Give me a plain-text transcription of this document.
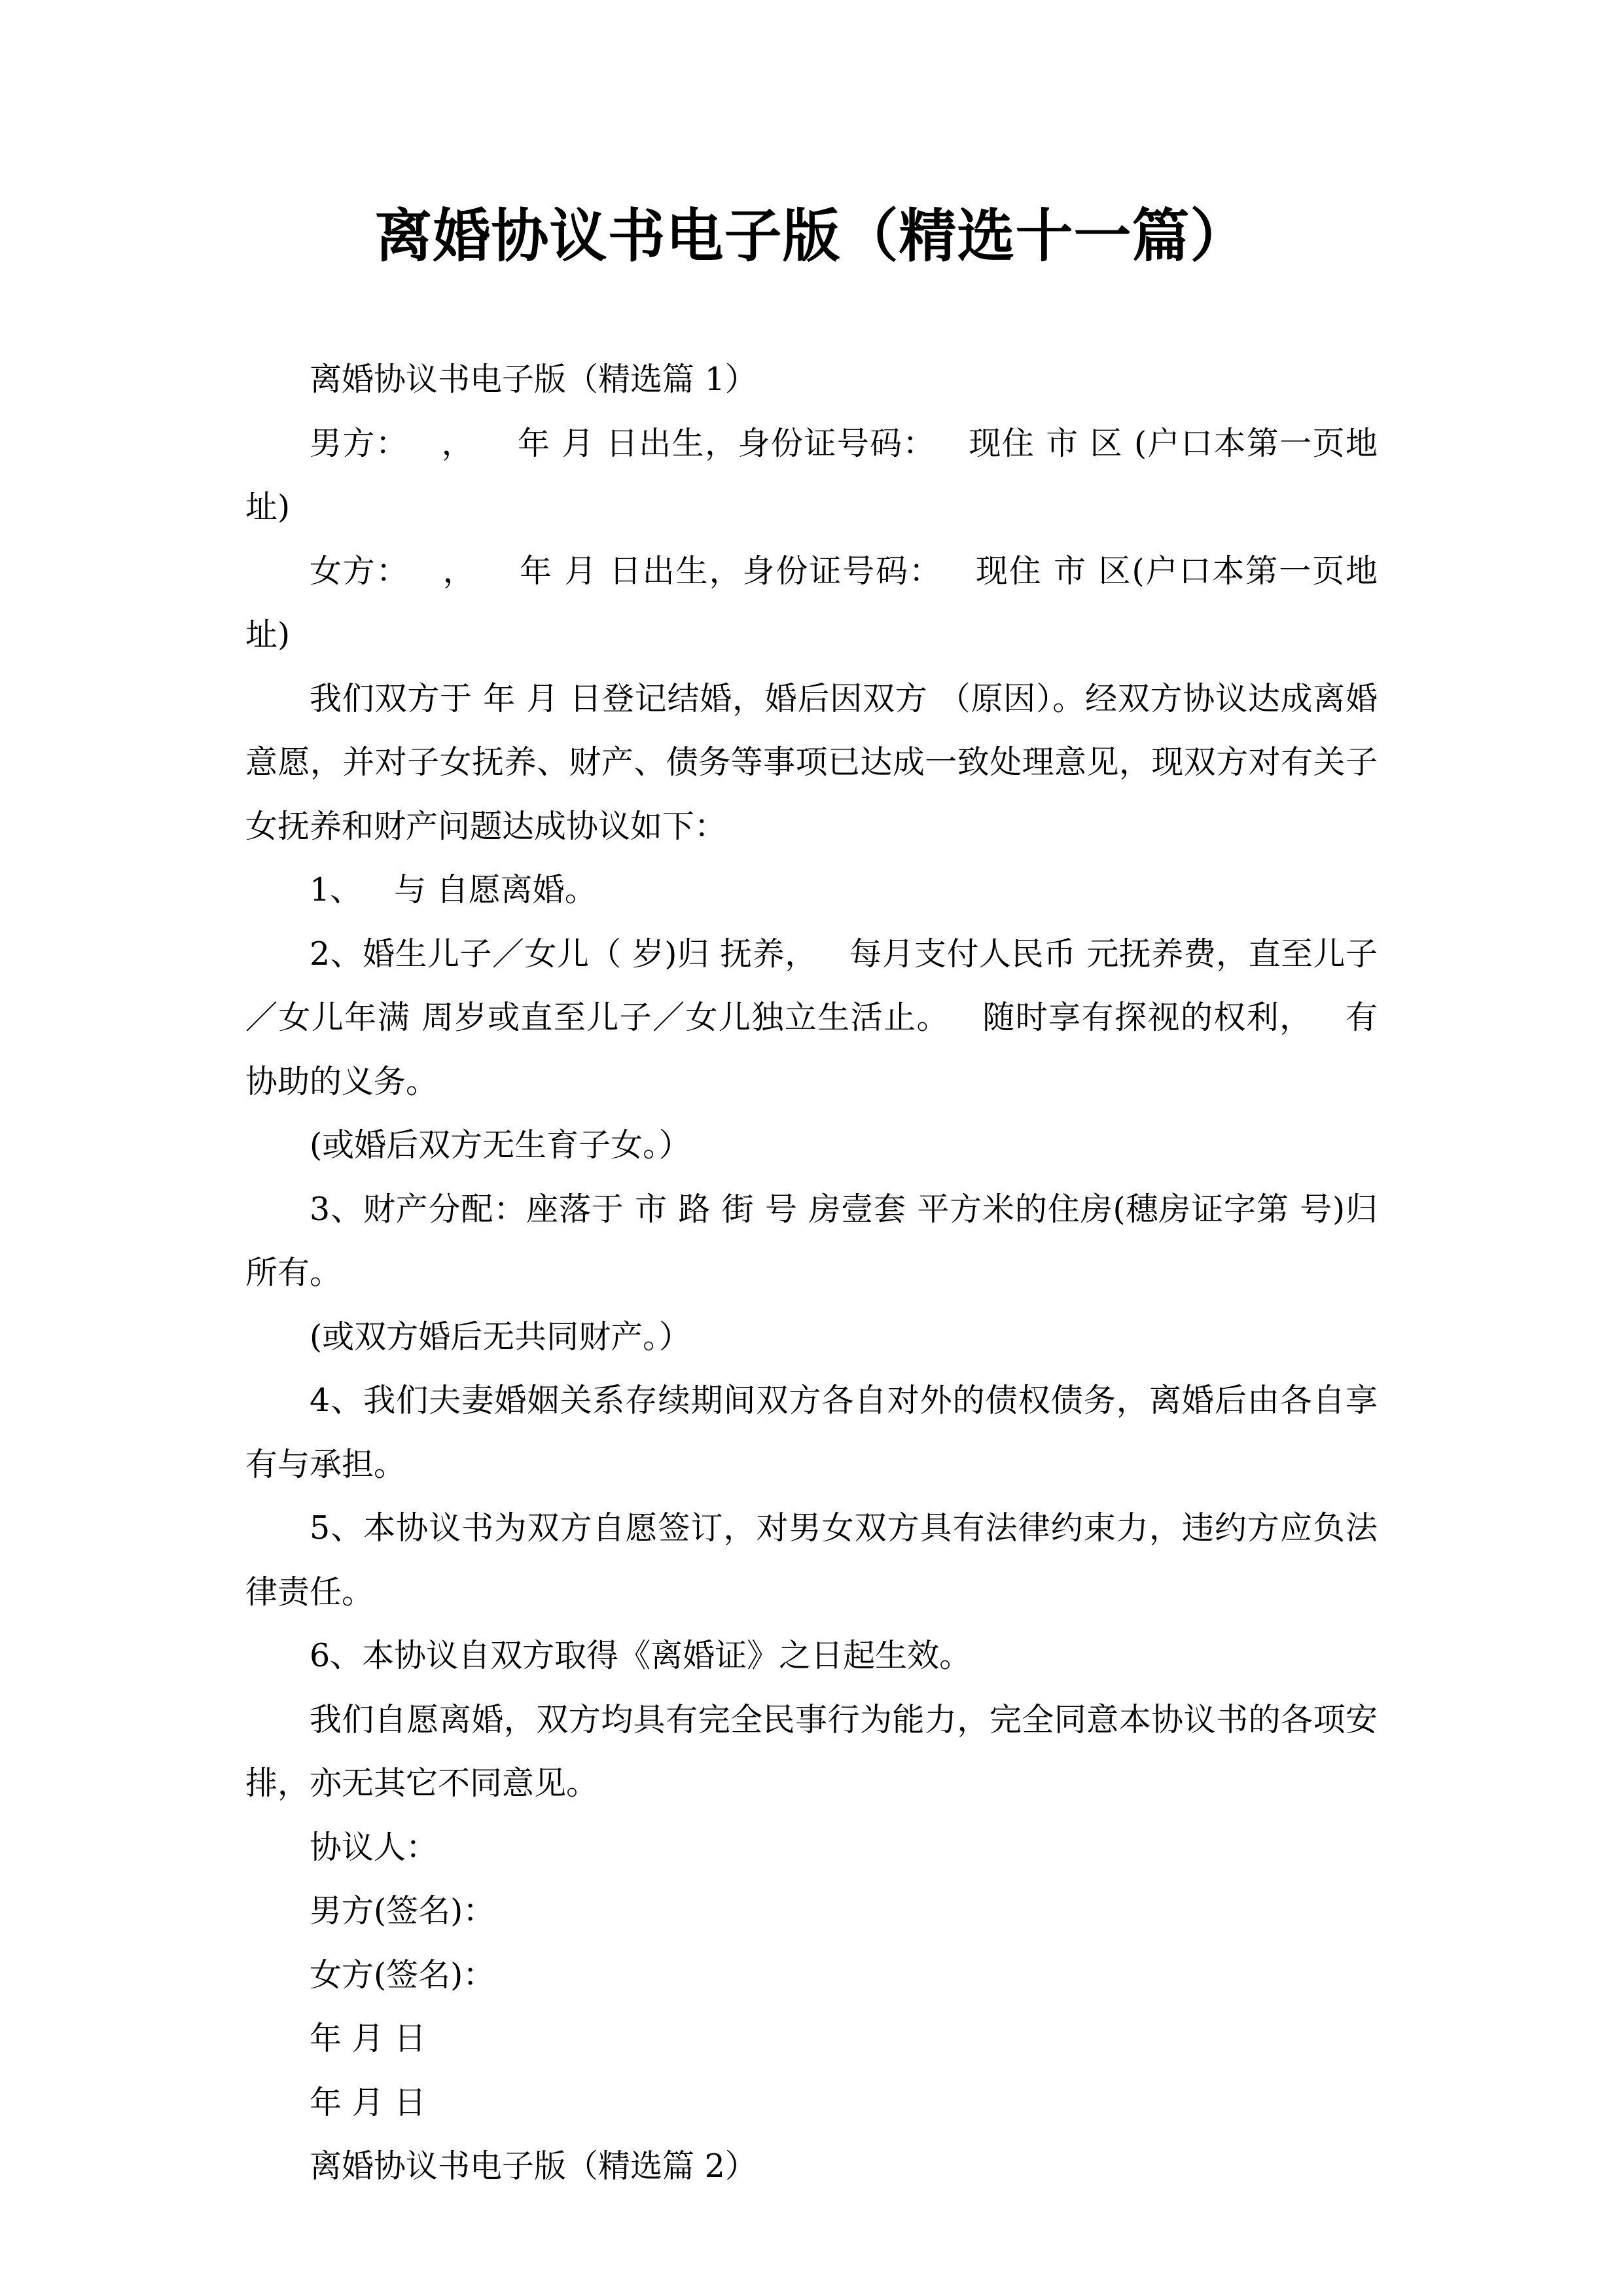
离婚协议书电子版（精选十一篇）

离婚协议书电子版（精选篇 1）

男方： ，  年 月 日出生，身份证号码： 现住 市 区 (户口本第一页地址)

女方： ，  年 月 日出生，身份证号码： 现住 市 区(户口本第一页地址)

我们双方于 年 月 日登记结婚，婚后因双方 （原因）。经双方协议达成离婚意愿，并对子女抚养、财产、债务等事项已达成一致处理意见，现双方对有关子女抚养和财产问题达成协议如下：

1、 与 自愿离婚。

2、婚生儿子／女儿（ 岁)归 抚养， 每月支付人民币 元抚养费，直至儿子／女儿年满 周岁或直至儿子／女儿独立生活止。 随时享有探视的权利， 有协助的义务。

(或婚后双方无生育子女。）

3、财产分配：座落于 市 路 街 号 房壹套 平方米的住房(穗房证字第 号)归所有。

(或双方婚后无共同财产。）

4、我们夫妻婚姻关系存续期间双方各自对外的债权债务，离婚后由各自享有与承担。

5、本协议书为双方自愿签订，对男女双方具有法律约束力，违约方应负法律责任。

6、本协议自双方取得《离婚证》之日起生效。

我们自愿离婚，双方均具有完全民事行为能力，完全同意本协议书的各项安排，亦无其它不同意见。

协议人：

男方(签名)：

女方(签名)：

年 月 日

年 月 日

离婚协议书电子版（精选篇 2）
